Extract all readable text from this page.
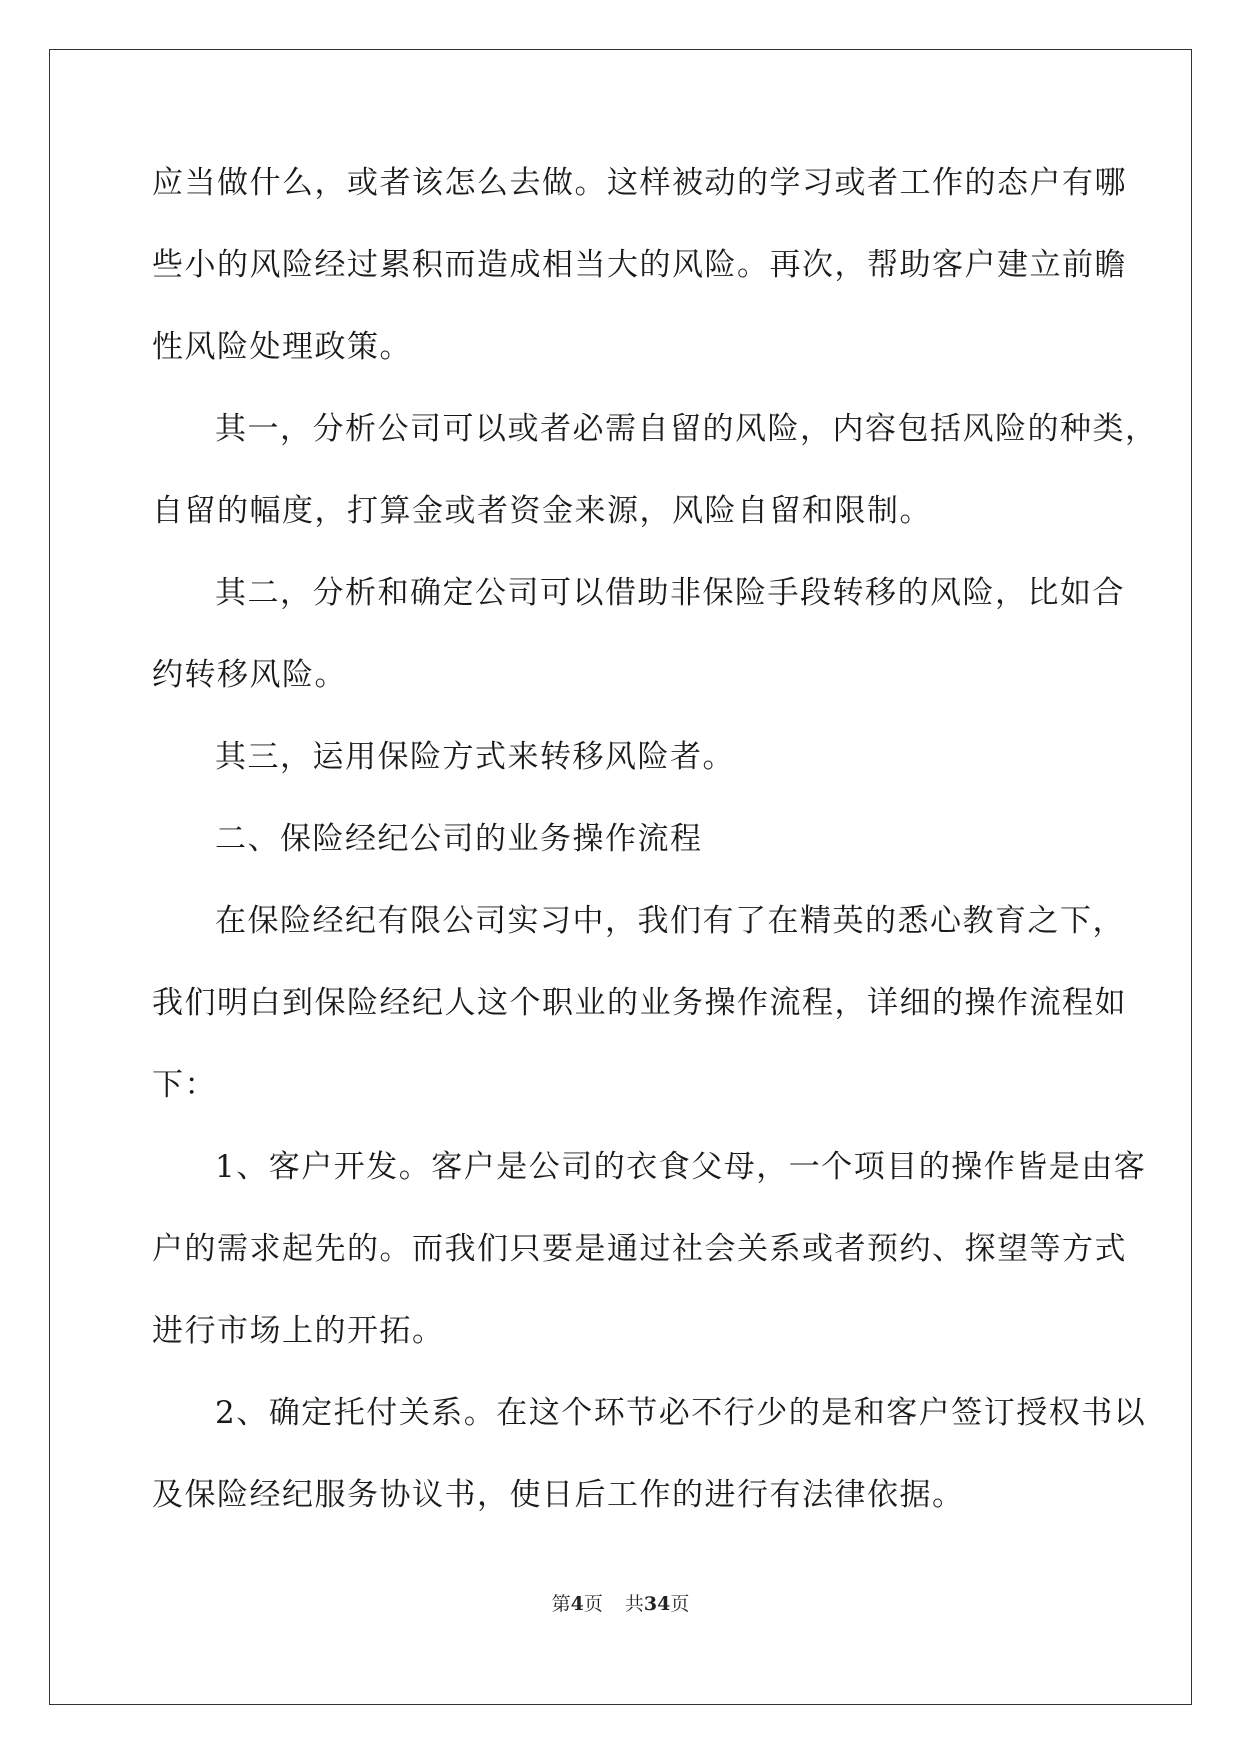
应当做什么，或者该怎么去做。这样被动的学习或者工作的态户有哪
些小的风险经过累积而造成相当大的风险。再次，帮助客户建立前瞻
性风险处理政策。
其一，分析公司可以或者必需自留的风险，内容包括风险的种类，
自留的幅度，打算金或者资金来源，风险自留和限制。
其二，分析和确定公司可以借助非保险手段转移的风险，比如合
约转移风险。
其三，运用保险方式来转移风险者。
二、保险经纪公司的业务操作流程
在保险经纪有限公司实习中，我们有了在精英的悉心教育之下，
我们明白到保险经纪人这个职业的业务操作流程，详细的操作流程如
下：
1、客户开发。客户是公司的衣食父母，一个项目的操作皆是由客
户的需求起先的。而我们只要是通过社会关系或者预约、探望等方式
进行市场上的开拓。
2、确定托付关系。在这个环节必不行少的是和客户签订授权书以
及保险经纪服务协议书，使日后工作的进行有法律依据。
第4页 共34页
